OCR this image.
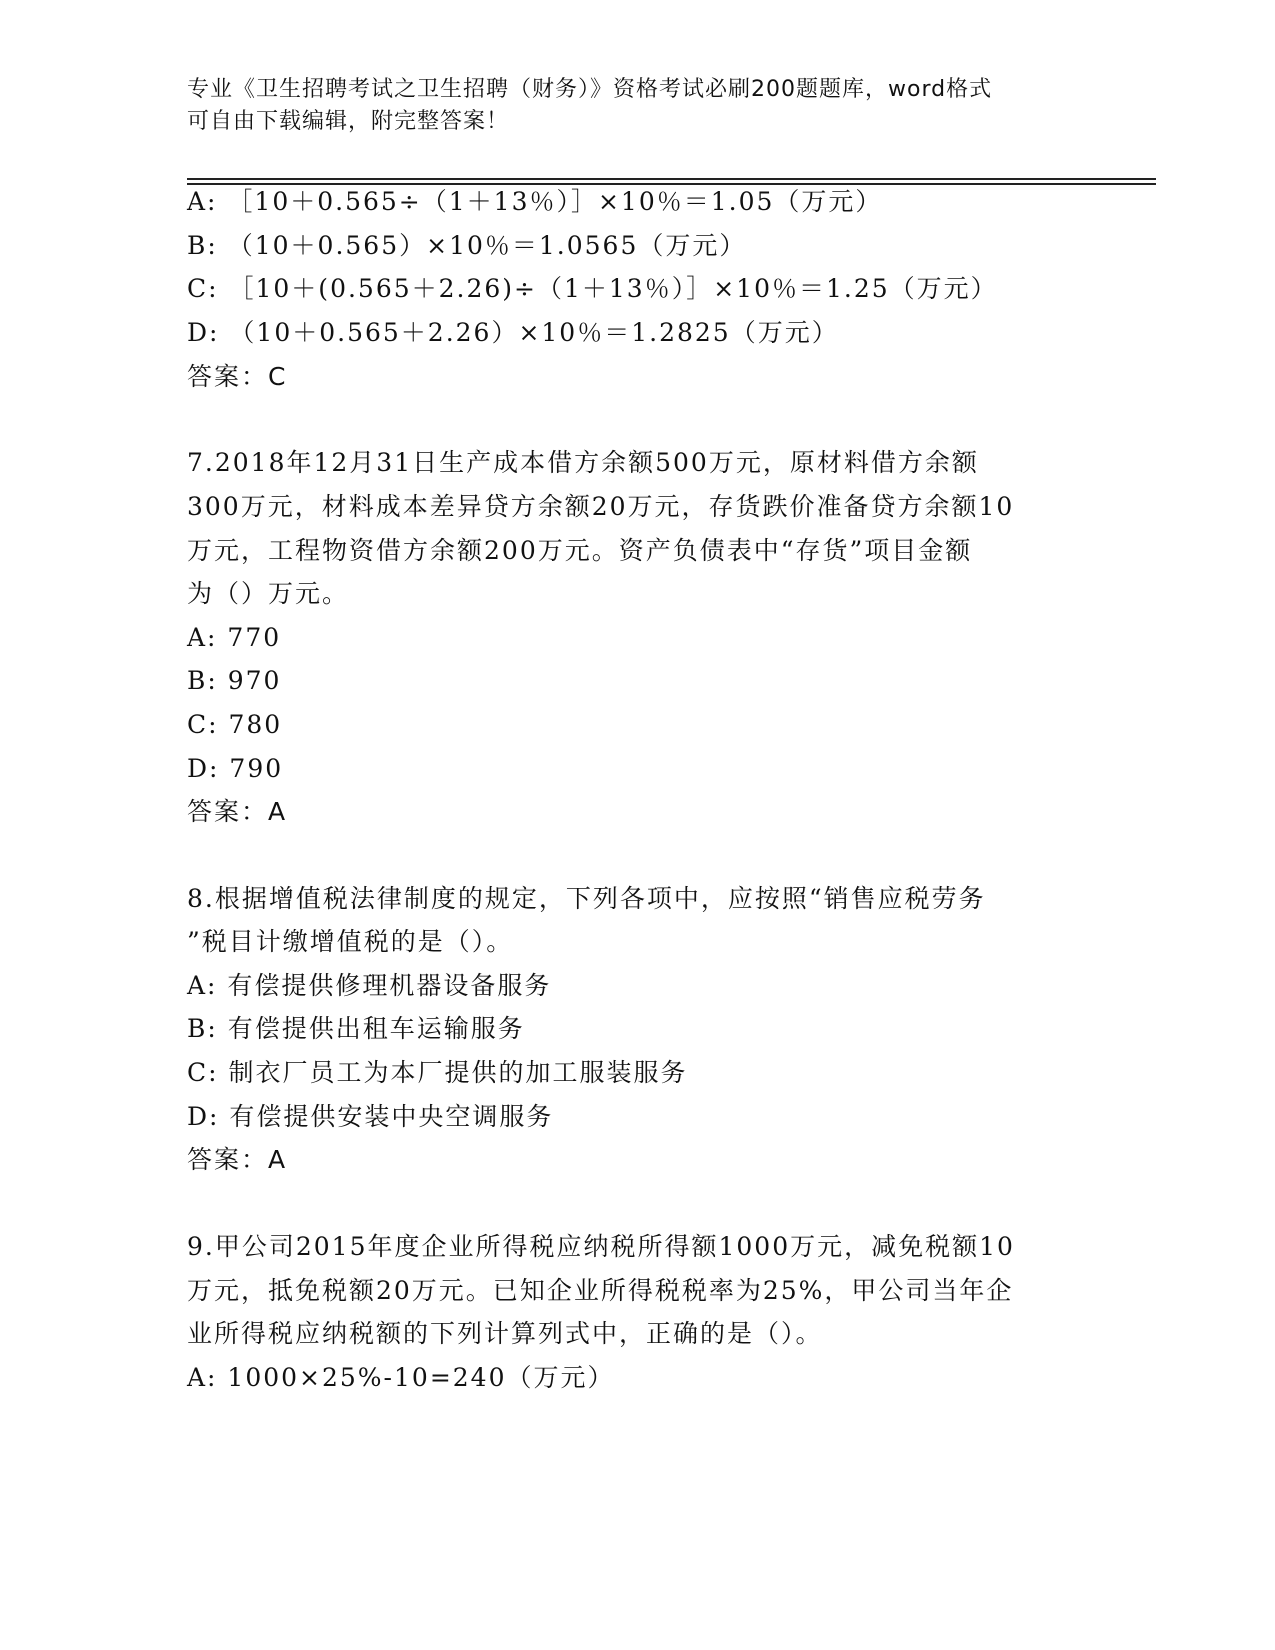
专业《卫生招聘考试之卫生招聘（财务）》资格考试必刷200题题库，word格式
可自由下载编辑，附完整答案！
A: ［10＋0.565÷（1＋13％）］×10％＝1.05（万元）
B: （10＋0.565）×10％＝1.0565（万元）
C: ［10＋(0.565＋2.26)÷（1＋13％）］×10％＝1.25（万元）
D: （10＋0.565＋2.26）×10％＝1.2825（万元）
答案：C
7.2018年12月31日生产成本借方余额500万元，原材料借方余额
300万元，材料成本差异贷方余额20万元，存货跌价准备贷方余额10
万元，工程物资借方余额200万元。资产负债表中“存货”项目金额
为（）万元。
A: 770
B: 970
C: 780
D: 790
答案：A
8.根据增值税法律制度的规定，下列各项中，应按照“销售应税劳务
”税目计缴增值税的是（）。
A: 有偿提供修理机器设备服务
B: 有偿提供出租车运输服务
C: 制衣厂员工为本厂提供的加工服装服务
D: 有偿提供安装中央空调服务
答案：A
9.甲公司2015年度企业所得税应纳税所得额1000万元，减免税额10
万元，抵免税额20万元。已知企业所得税税率为25%，甲公司当年企
业所得税应纳税额的下列计算列式中，正确的是（）。
A: 1000×25%-10=240（万元）
